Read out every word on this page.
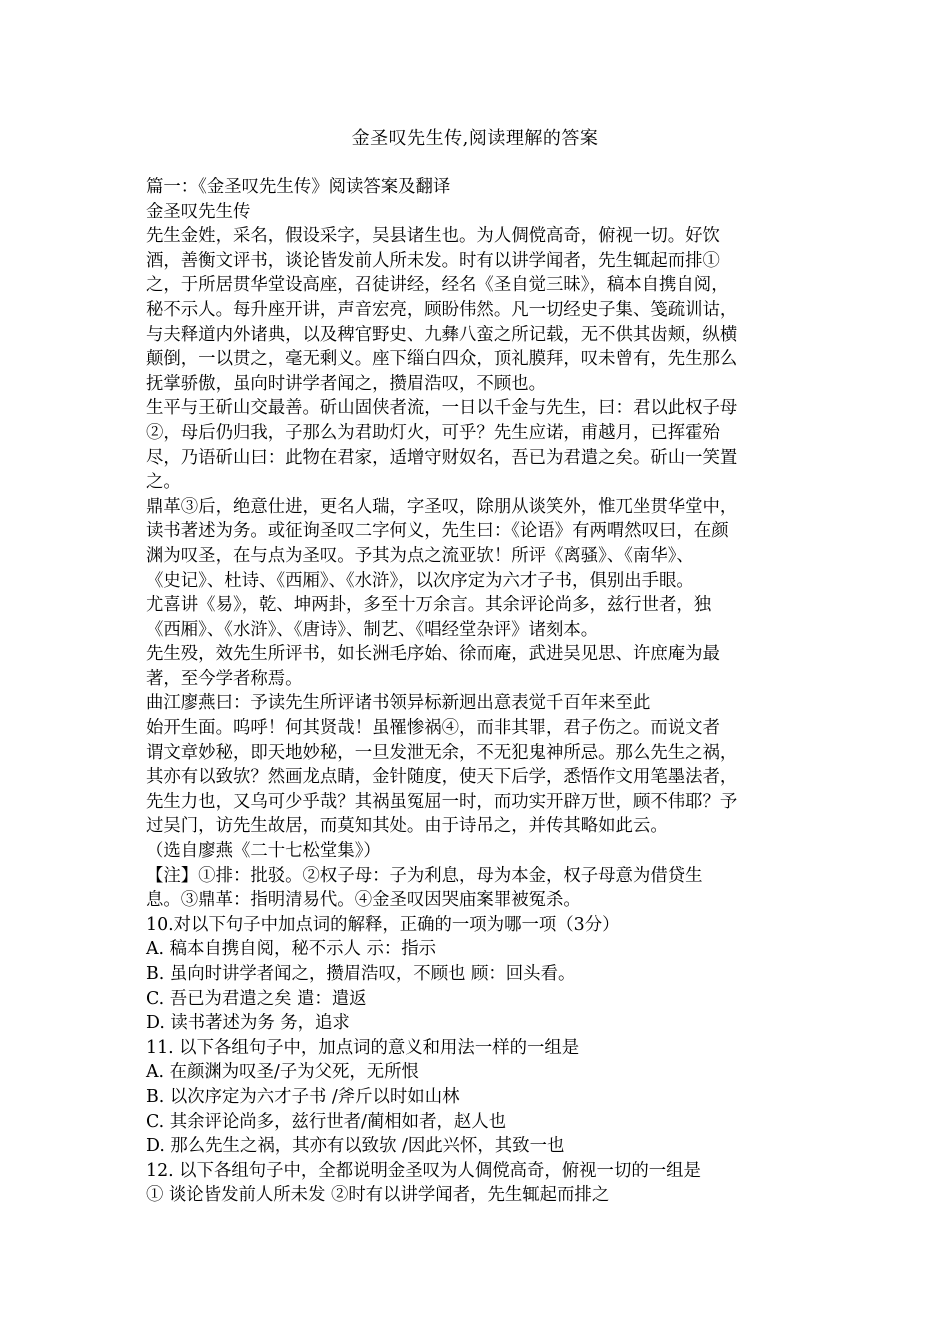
金圣叹先生传,阅读理解的答案
篇一：《金圣叹先生传》阅读答案及翻译
金圣叹先生传
先生金姓，采名，假设采字，吴县诸生也。为人倜傥高奇，俯视一切。好饮
酒，善衡文评书，谈论皆发前人所未发。时有以讲学闻者，先生辄起而排①
之，于所居贯华堂设高座，召徒讲经，经名《圣自觉三昧》，稿本自携自阅，
秘不示人。每升座开讲，声音宏亮，顾盼伟然。凡一切经史子集、笺疏训诂，
与夫释道内外诸典，以及稗官野史、九彝八蛮之所记载，无不供其齿颊，纵横
颠倒，一以贯之，毫无剩义。座下缁白四众，顶礼膜拜，叹未曾有，先生那么
抚掌骄傲，虽向时讲学者闻之，攒眉浩叹，不顾也。
生平与王斫山交最善。斫山固侠者流，一日以千金与先生，曰：君以此权子母
②，母后仍归我，子那么为君助灯火，可乎？先生应诺，甫越月，已挥霍殆
尽，乃语斫山曰：此物在君家，适增守财奴名，吾已为君遣之矣。斫山一笑置
之。
鼎革③后，绝意仕进，更名人瑞，字圣叹，除朋从谈笑外，惟兀坐贯华堂中，
读书著述为务。或征询圣叹二字何义，先生曰：《论语》有两喟然叹曰，在颜
渊为叹圣，在与点为圣叹。予其为点之流亚欤！所评《离骚》、《南华》、
《史记》、杜诗、《西厢》、《水浒》，以次序定为六才子书，俱别出手眼。
尤喜讲《易》，乾、坤两卦，多至十万余言。其余评论尚多，兹行世者，独
《西厢》、《水浒》、《唐诗》、制艺、《唱经堂杂评》诸刻本。
先生殁，效先生所评书，如长洲毛序始、徐而庵，武进吴见思、许庶庵为最
著，至今学者称焉。
曲江廖燕曰：予读先生所评诸书领异标新迥出意表觉千百年来至此
始开生面。呜呼！何其贤哉！虽罹惨祸④，而非其罪，君子伤之。而说文者
谓文章妙秘，即天地妙秘，一旦发泄无余，不无犯鬼神所忌。那么先生之祸，
其亦有以致欤？然画龙点睛，金针随度，使天下后学，悉悟作文用笔墨法者，
先生力也，又乌可少乎哉？其祸虽冤屈一时，而功实开辟万世，顾不伟耶？予
过吴门，访先生故居，而莫知其处。由于诗吊之，并传其略如此云。
（选自廖燕《二十七松堂集》）
【注】①排：批驳。②权子母：子为利息，母为本金，权子母意为借贷生
息。③鼎革：指明清易代。④金圣叹因哭庙案罪被冤杀。
10.对以下句子中加点词的解释，正确的一项为哪一项（3分）
A. 稿本自携自阅，秘不示人 示：指示
B. 虽向时讲学者闻之，攒眉浩叹，不顾也 顾：回头看。
C. 吾已为君遣之矣 遣：遣返
D. 读书著述为务 务，追求
11. 以下各组句子中，加点词的意义和用法一样的一组是
A. 在颜渊为叹圣/子为父死，无所恨
B. 以次序定为六才子书 /斧斤以时如山林
C. 其余评论尚多，兹行世者/蔺相如者，赵人也
D. 那么先生之祸，其亦有以致欤 /因此兴怀，其致一也
12. 以下各组句子中，全都说明金圣叹为人倜傥高奇，俯视一切的一组是
① 谈论皆发前人所未发 ②时有以讲学闻者，先生辄起而排之
